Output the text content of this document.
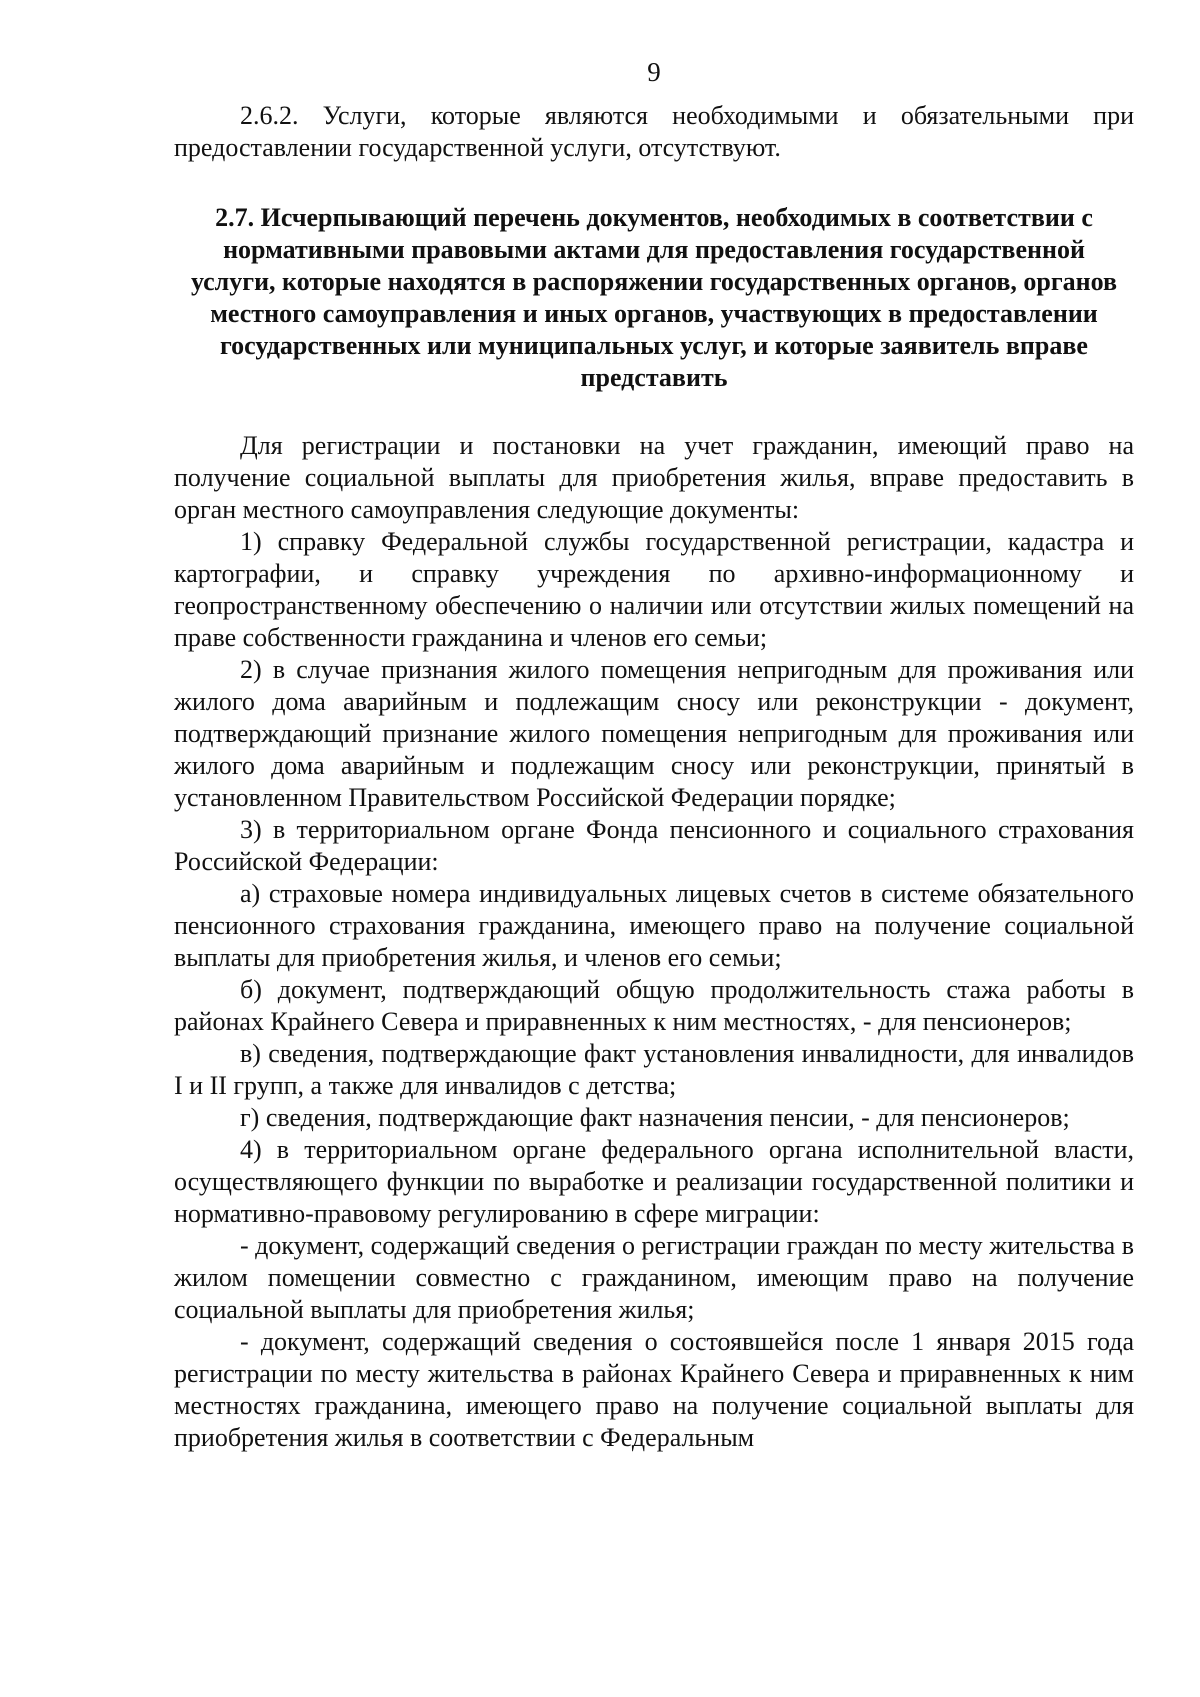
9

2.6.2. Услуги, которые являются необходимыми и обязательными при предоставлении государственной услуги, отсутствуют.

2.7. Исчерпывающий перечень документов, необходимых в соответствии с нормативными правовыми актами для предоставления государственной услуги, которые находятся в распоряжении государственных органов, органов местного самоуправления и иных органов, участвующих в предоставлении государственных или муниципальных услуг, и которые заявитель вправе представить

Для регистрации и постановки на учет гражданин, имеющий право на получение социальной выплаты для приобретения жилья, вправе предоставить в орган местного самоуправления следующие документы:

1) справку Федеральной службы государственной регистрации, кадастра и картографии, и справку учреждения по архивно-информационному и геопространственному обеспечению о наличии или отсутствии жилых помещений на праве собственности гражданина и членов его семьи;

2) в случае признания жилого помещения непригодным для проживания или жилого дома аварийным и подлежащим сносу или реконструкции - документ, подтверждающий признание жилого помещения непригодным для проживания или жилого дома аварийным и подлежащим сносу или реконструкции, принятый в установленном Правительством Российской Федерации порядке;

3) в территориальном органе Фонда пенсионного и социального страхования Российской Федерации:

а) страховые номера индивидуальных лицевых счетов в системе обязательного пенсионного страхования гражданина, имеющего право на получение социальной выплаты для приобретения жилья, и членов его семьи;

б) документ, подтверждающий общую продолжительность стажа работы в районах Крайнего Севера и приравненных к ним местностях, - для пенсионеров;

в) сведения, подтверждающие факт установления инвалидности, для инвалидов I и II групп, а также для инвалидов с детства;

г) сведения, подтверждающие факт назначения пенсии, - для пенсионеров;

4) в территориальном органе федерального органа исполнительной власти, осуществляющего функции по выработке и реализации государственной политики и нормативно-правовому регулированию в сфере миграции:

- документ, содержащий сведения о регистрации граждан по месту жительства в жилом помещении совместно с гражданином, имеющим право на получение социальной выплаты для приобретения жилья;

- документ, содержащий сведения о состоявшейся после 1 января 2015 года регистрации по месту жительства в районах Крайнего Севера и приравненных к ним местностях гражданина, имеющего право на получение социальной выплаты для приобретения жилья в соответствии с Федеральным
